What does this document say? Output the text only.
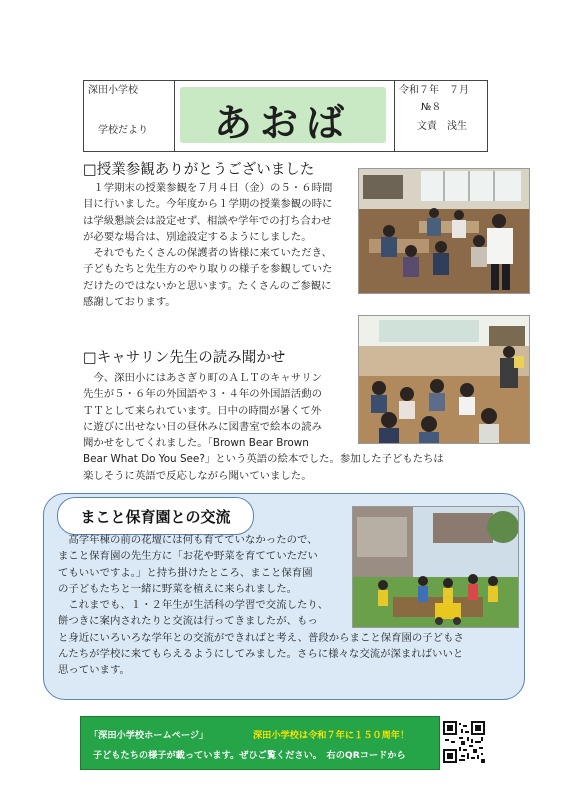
深田小学校
学校だより	あおば
令和７年　７月
№８
文責　浅生
□授業参観ありがとうございました

　１学期末の授業参観を７月４日（金）の５・６時間

目に行いました。今年度から１学期の授業参観の時に

は学級懇談会は設定せず、相談や学年での打ち合わせ

が必要な場合は、別途設定するようにしました。

　それでもたくさんの保護者の皆様に来ていただき、

子どもたちと先生方のやり取りの様子を参観していた

だけたのではないかと思います。たくさんのご参観に

感謝しております。

□キャサリン先生の読み聞かせ

　今、深田小にはあさぎり町のＡＬＴのキャサリン

先生が５・６年の外国語や３・４年の外国語活動の

ＴＴとして来られています。日中の時間が暑くて外

に遊びに出せない日の昼休みに図書室で絵本の読み

聞かせをしてくれました。「Brown Bear Brown

Bear What Do You See?」という英語の絵本でした。参加した子どもたちは

楽しそうに英語で反応しながら聞いていました。

まこと保育園との交流

　高学年棟の前の花壇には何も育てていなかったので、

まこと保育園の先生方に「お花や野菜を育てていただい

てもいいですよ。」と持ち掛けたところ、まこと保育園

の子どもたちと一緒に野菜を植えに来られました。

　これまでも、１・２年生が生活科の学習で交流したり、

餅つきに案内されたりと交流は行ってきましたが、もっ

と身近にいろいろな学年との交流ができればと考え、普段からまこと保育園の子どもさ

んたちが学校に来てもらえるようにしてみました。さらに様々な交流が深まればいいと

思っています。

「深田小学校ホームページ」	深田小学校は令和７年に１５０周年！
子どもたちの様子が載っています。ぜひご覧ください。　右のQRコードから
